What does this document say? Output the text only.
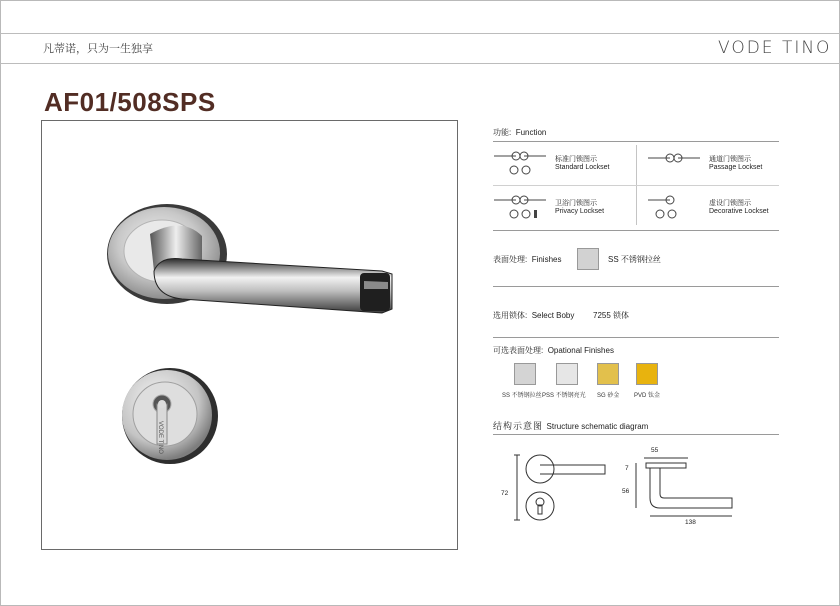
凡蒂诺，只为一生独享	VODE TINO
AF01/508SPS
VODE TINO
功能: Function
标准门锁图示
Standard Lockset
通道门锁图示
Passage Lockset
卫浴门锁图示
Privacy Lockset
虚设门锁图示
Decorative Lockset
表面处理: Finishes	SS 不锈钢拉丝
选用锁体: Select Boby 7255 锁体
可选表面处理: Opational Finishes
SS 不锈钢拉丝 PSS 不锈钢亮光 SG 砂金 PVD 钛金
结构示意图 Structure schematic diagram
72
55
7
56
138
